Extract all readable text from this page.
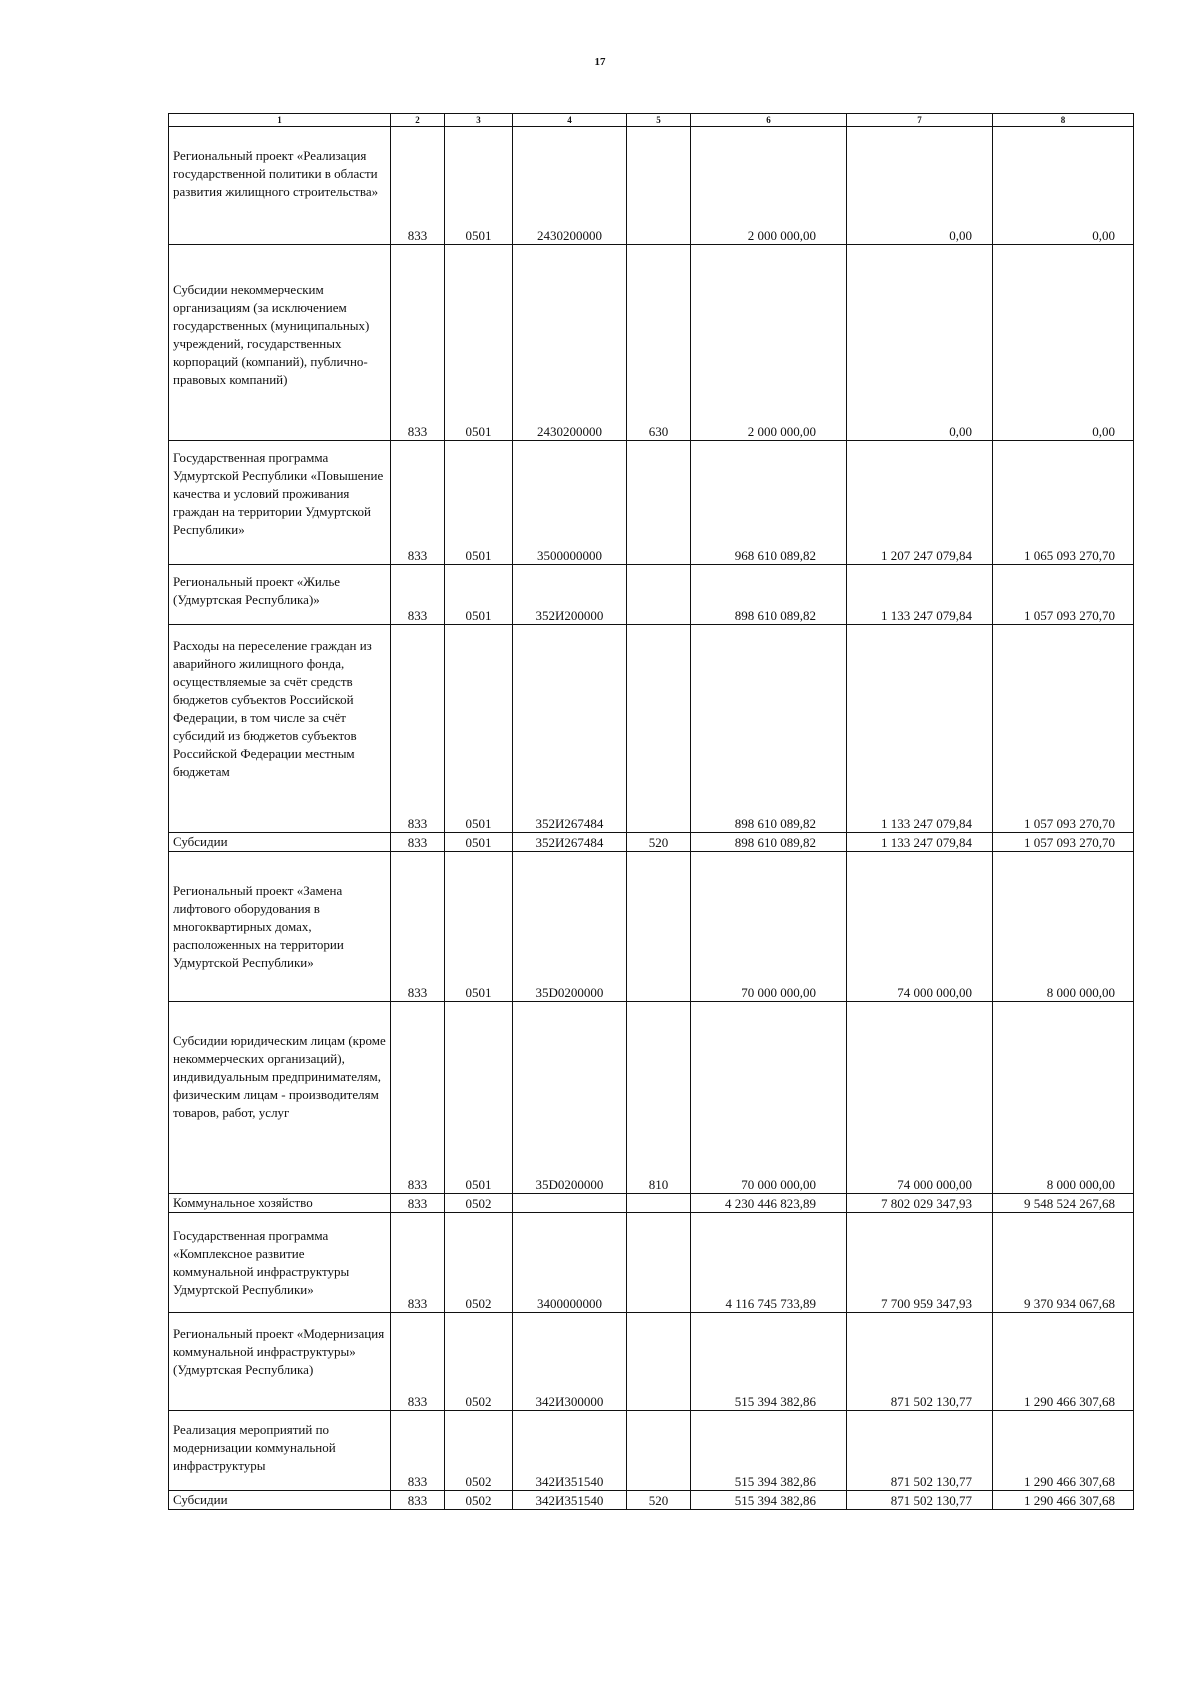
17
1	2	3	4	5	6	7	8
Региональный проект «Реализация государственной политики в области развития жилищного строительства»	833	0501	2430200000		2 000 000,00	0,00	0,00
Субсидии некоммерческим организациям (за исключением государственных (муниципальных) учреждений, государственных корпораций (компаний), публично-правовых компаний)	833	0501	2430200000	630	2 000 000,00	0,00	0,00
Государственная программа Удмуртской Республики «Повышение качества и условий проживания граждан на территории Удмуртской Республики»	833	0501	3500000000		968 610 089,82	1 207 247 079,84	1 065 093 270,70
Региональный проект «Жилье (Удмуртская Республика)»	833	0501	352И200000		898 610 089,82	1 133 247 079,84	1 057 093 270,70
Расходы на переселение граждан из аварийного жилищного фонда, осуществляемые за счёт средств бюджетов субъектов Российской Федерации, в том числе за счёт субсидий из бюджетов субъектов Российской Федерации местным бюджетам	833	0501	352И267484		898 610 089,82	1 133 247 079,84	1 057 093 270,70
Субсидии	833	0501	352И267484	520	898 610 089,82	1 133 247 079,84	1 057 093 270,70
Региональный проект «Замена лифтового оборудования в многоквартирных домах, расположенных на территории Удмуртской Республики»	833	0501	35D0200000		70 000 000,00	74 000 000,00	8 000 000,00
Субсидии юридическим лицам (кроме некоммерческих организаций), индивидуальным предпринимателям, физическим лицам - производителям товаров, работ, услуг	833	0501	35D0200000	810	70 000 000,00	74 000 000,00	8 000 000,00
Коммунальное хозяйство	833	0502			4 230 446 823,89	7 802 029 347,93	9 548 524 267,68
Государственная программа «Комплексное развитие коммунальной инфраструктуры Удмуртской Республики»	833	0502	3400000000		4 116 745 733,89	7 700 959 347,93	9 370 934 067,68
Региональный проект «Модернизация коммунальной инфраструктуры» (Удмуртская Республика)	833	0502	342И300000		515 394 382,86	871 502 130,77	1 290 466 307,68
Реализация мероприятий по модернизации коммунальной инфраструктуры	833	0502	342И351540		515 394 382,86	871 502 130,77	1 290 466 307,68
Субсидии	833	0502	342И351540	520	515 394 382,86	871 502 130,77	1 290 466 307,68
